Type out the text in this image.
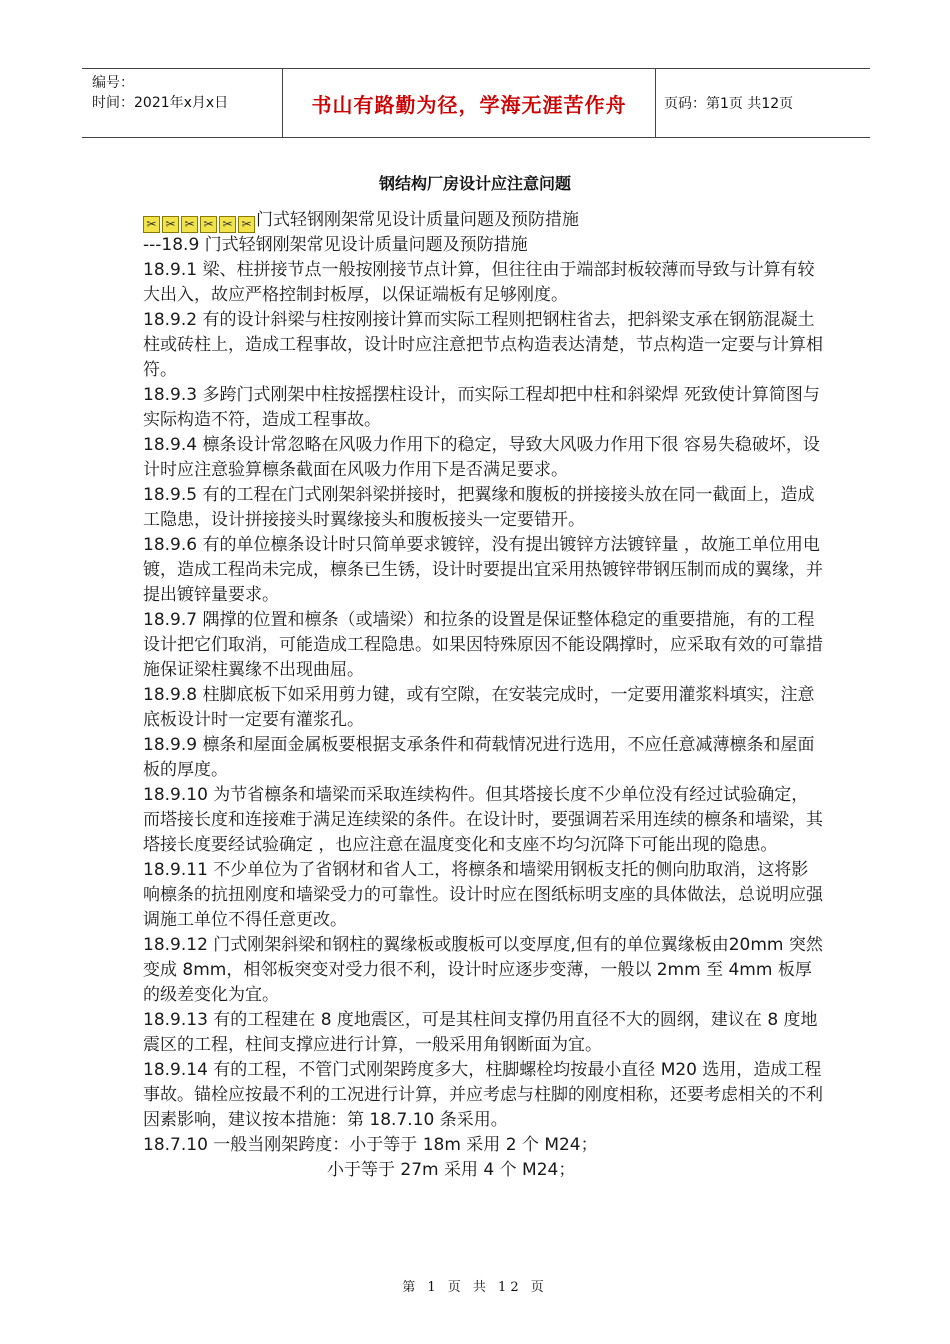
编号：
时间：2021年x月x日	书山有路勤为径，学海无涯苦作舟	页码：第1页 共12页
钢结构厂房设计应注意问题

✂ ✂ ✂ ✂ ✂ ✂ 门式轻钢刚架常见设计质量问题及预防措施

---18.9 门式轻钢刚架常见设计质量问题及预防措施

18.9.1 梁、柱拼接节点一般按刚接节点计算，但往往由于端部封板较薄而导致与计算有较大出入，故应严格控制封板厚，以保证端板有足够刚度。

18.9.2 有的设计斜梁与柱按刚接计算而实际工程则把钢柱省去，把斜梁支承在钢筋混凝土柱或砖柱上，造成工程事故，设计时应注意把节点构造表达清楚，节点构造一定要与计算相符。

18.9.3 多跨门式刚架中柱按摇摆柱设计，而实际工程却把中柱和斜梁焊 死致使计算简图与实际构造不符，造成工程事故。

18.9.4 檩条设计常忽略在风吸力作用下的稳定，导致大风吸力作用下很 容易失稳破坏，设计时应注意验算檩条截面在风吸力作用下是否满足要求。

18.9.5 有的工程在门式刚架斜梁拼接时，把翼缘和腹板的拼接接头放在同一截面上，造成工隐患，设计拼接接头时翼缘接头和腹板接头一定要错开。

18.9.6 有的单位檩条设计时只简单要求镀锌，没有提出镀锌方法镀锌量 ，故施工单位用电镀，造成工程尚未完成，檩条已生锈，设计时要提出宜采用热镀锌带钢压制而成的翼缘，并提出镀锌量要求。

18.9.7 隅撑的位置和檩条（或墙梁）和拉条的设置是保证整体稳定的重要措施，有的工程设计把它们取消，可能造成工程隐患。如果因特殊原因不能设隅撑时，应采取有效的可靠措施保证梁柱翼缘不出现曲屈。

18.9.8 柱脚底板下如采用剪力键，或有空隙，在安装完成时，一定要用灌浆料填实，注意底板设计时一定要有灌浆孔。

18.9.9 檩条和屋面金属板要根据支承条件和荷载情况进行选用，不应任意减薄檩条和屋面板的厚度。

18.9.10 为节省檩条和墙梁而采取连续构件。但其塔接长度不少单位没有经过试验确定，而塔接长度和连接难于满足连续梁的条件。在设计时，要强调若采用连续的檩条和墙梁，其塔接长度要经试验确定 ，也应注意在温度变化和支座不均匀沉降下可能出现的隐患。

18.9.11 不少单位为了省钢材和省人工，将檩条和墙梁用钢板支托的侧向肋取消，这将影响檩条的抗扭刚度和墙梁受力的可靠性。设计时应在图纸标明支座的具体做法，总说明应强调施工单位不得任意更改。

18.9.12 门式刚架斜梁和钢柱的翼缘板或腹板可以变厚度,但有的单位翼缘板由20mm 突然变成 8mm，相邻板突变对受力很不利，设计时应逐步变薄，一般以 2mm 至 4mm 板厚的级差变化为宜。

18.9.13 有的工程建在 8 度地震区，可是其柱间支撑仍用直径不大的圆纲，建议在 8 度地震区的工程，柱间支撑应进行计算，一般采用角钢断面为宜。

18.9.14 有的工程，不管门式刚架跨度多大，柱脚螺栓均按最小直径 M20 选用，造成工程事故。锚栓应按最不利的工况进行计算，并应考虑与柱脚的刚度相称，还要考虑相关的不利因素影响，建议按本措施：第 18.7.10 条采用。

18.7.10 一般当刚架跨度：小于等于 18m 采用 2 个 M24；

小于等于 27m 采用 4 个 M24；

第 1 页 共 12 页
